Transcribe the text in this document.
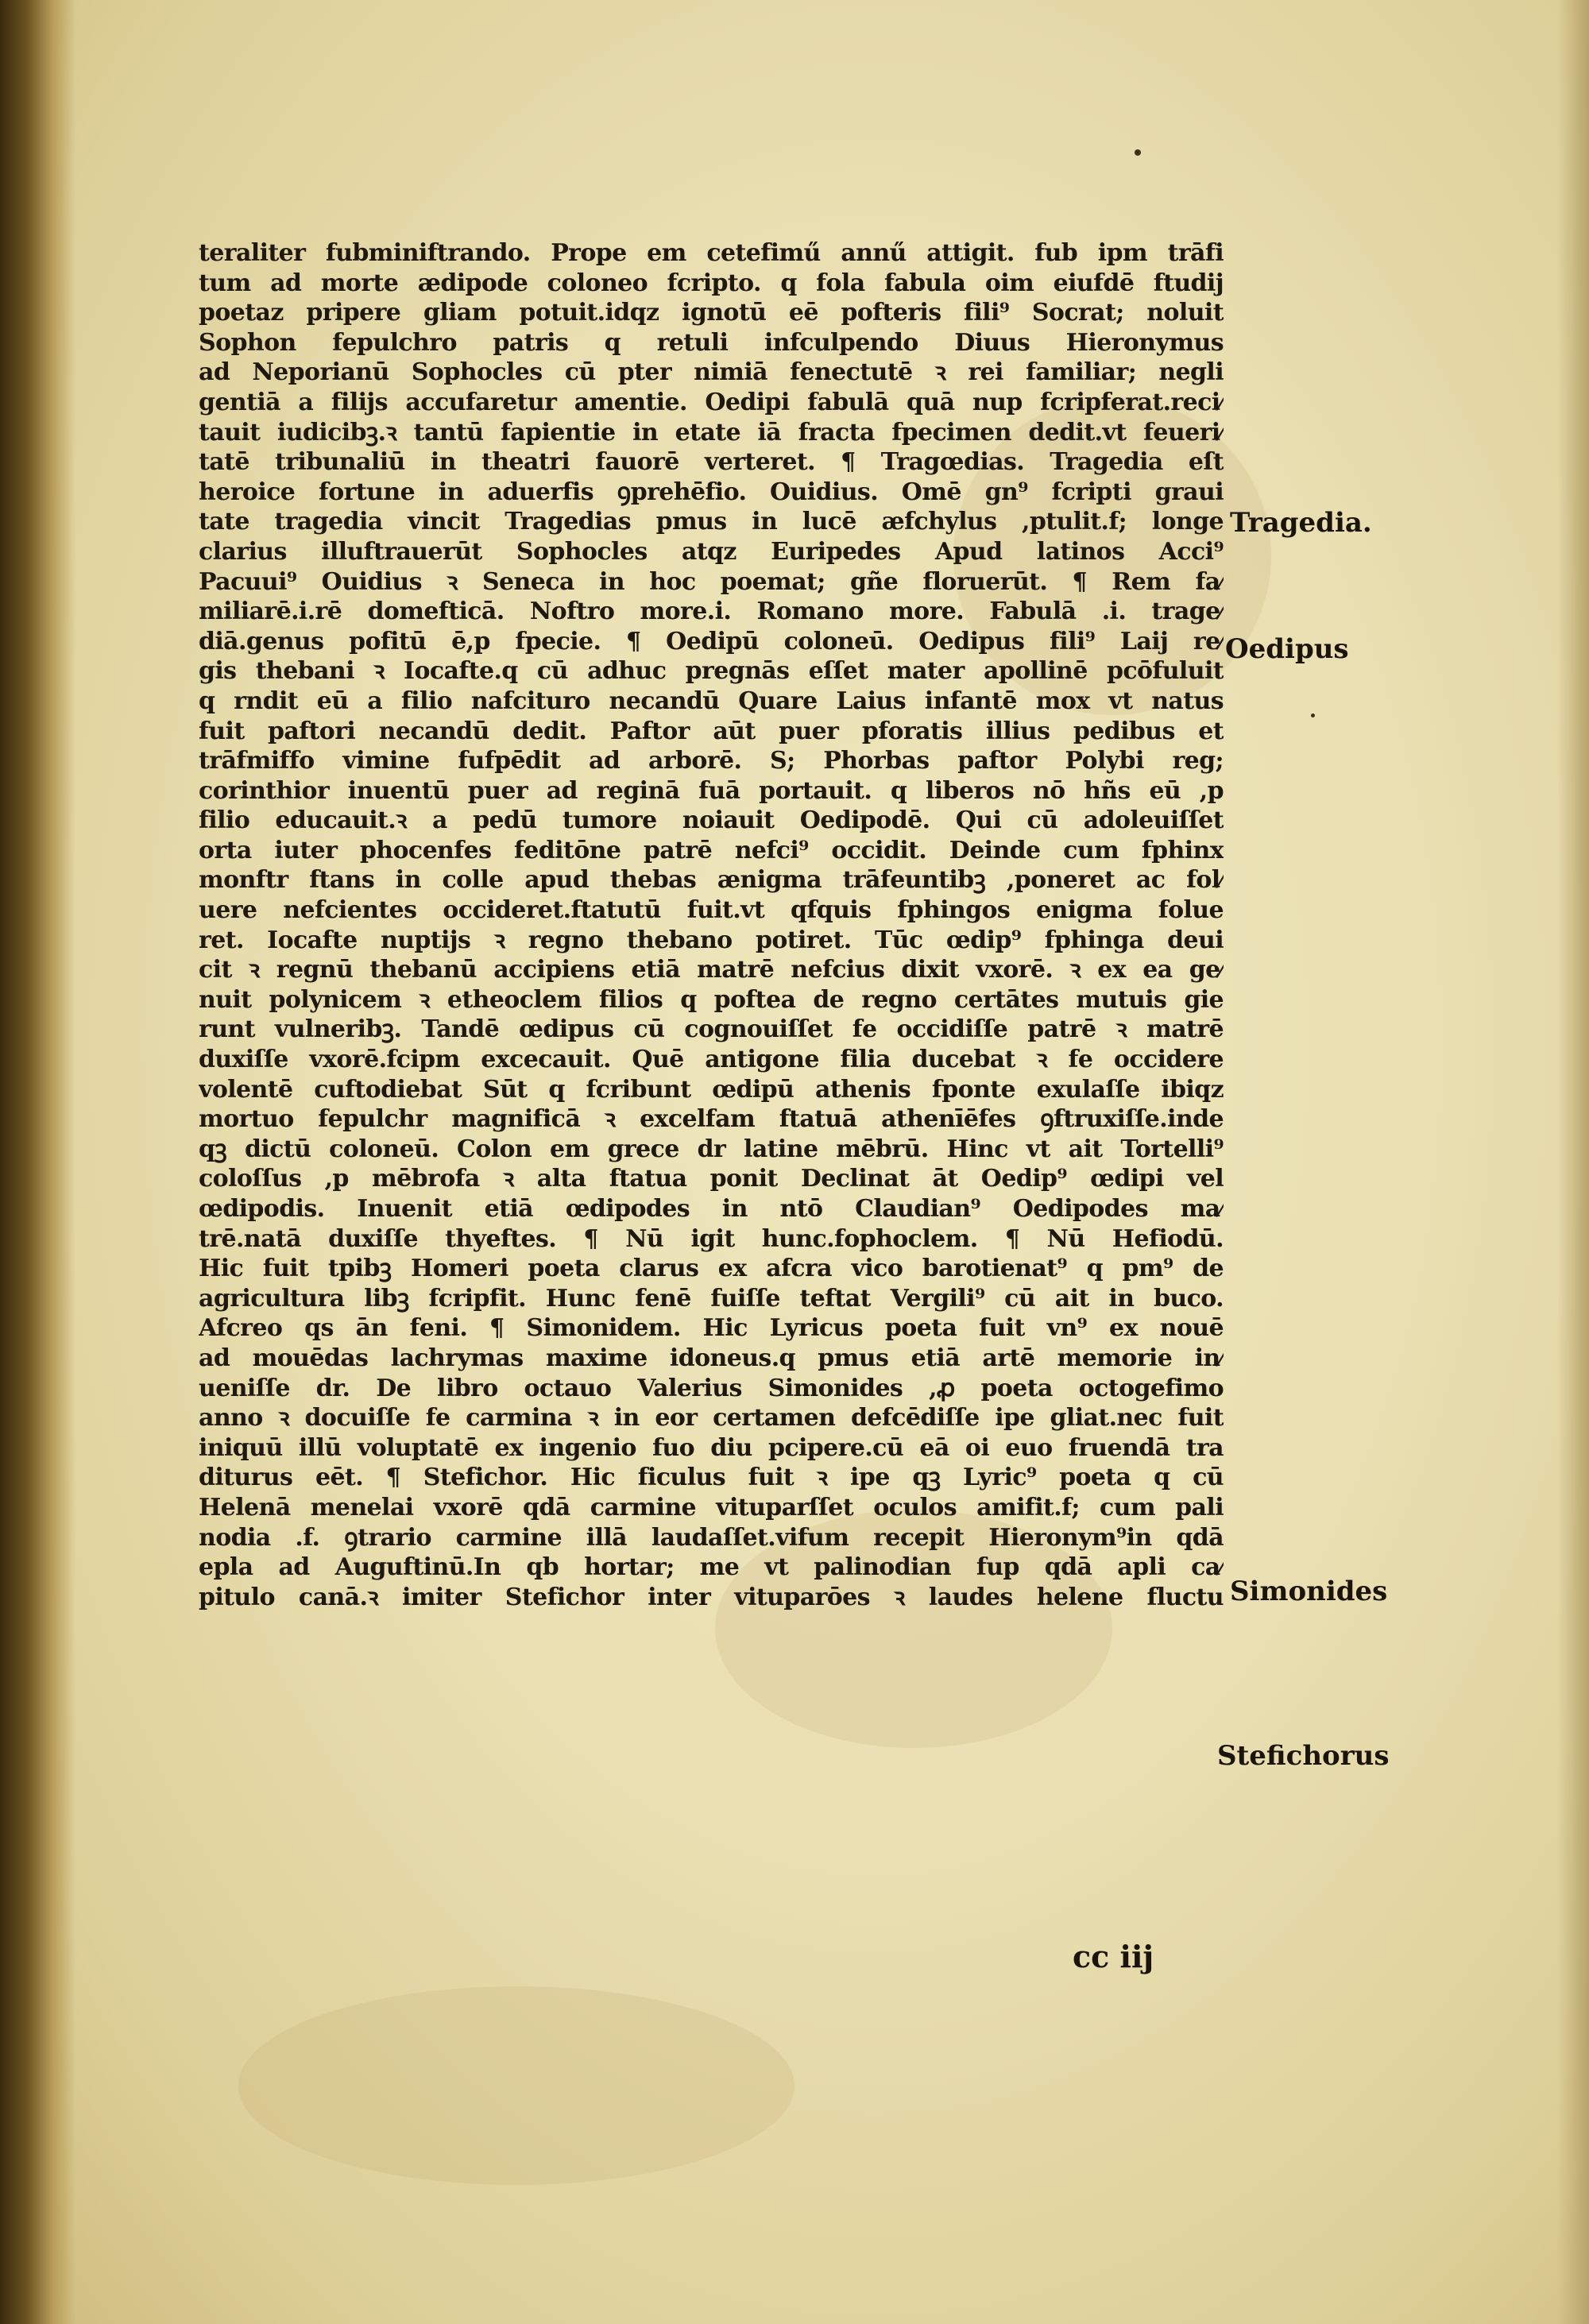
teraliter fubminiftrando. Prope em cetefimű annű attigit. fub ipm trāfi
tum ad morte ædipode coloneo fcripto. q fola fabula oim eiufdē ftudij
poetaz pripere gliam potuit.idqz ignotū eē pofteris fili⁹ Socrat; noluit
Sophon fepulchro patris q retuli infculpendo Diuus Hieronymus
ad Neporianū Sophocles cū pter nimiā fenectutē ꝛ rei familiar; negli
gentiā a filijs accufaretur amentie. Oedipi fabulā quā nup fcripferat.reci⁄
tauit iudicibꝫ.ꝛ tantū fapientie in etate iā fracta fpecimen dedit.vt feueri⁄
tatē tribunaliū in theatri fauorē verteret. ¶ Tragœdias. Tragedia eſt
heroice fortune in aduerfis ꝯprehēfio. Ouidius. Omē gn⁹ fcripti graui
tate tragedia vincit Tragedias pmus in lucē æfchylus ,ptulit.f; longe
clarius illuftrauerūt Sophocles atqz Euripedes Apud latinos Acci⁹
Pacuui⁹ Ouidius ꝛ Seneca in hoc poemat; gñe floruerūt. ¶ Rem fa⁄
miliarē.i.rē domefticā. Noftro more.i. Romano more. Fabulā .i. trage⁄
diā.genus pofitū ē,p fpecie. ¶ Oedipū coloneū. Oedipus fili⁹ Laij re⁄
gis thebani ꝛ Iocafte.q cū adhuc pregnās eſſet mater apollinē pcōfuluit
q rndit eū a filio nafcituro necandū Quare Laius infantē mox vt natus
fuit paftori necandū dedit. Paftor aūt puer pforatis illius pedibus et
trāfmiffo vimine fufpēdit ad arborē. S; Phorbas paftor Polybi reg;
corinthior inuentū puer ad reginā fuā portauit. q liberos nō hñs eū ,p
filio educauit.ꝛ a pedū tumore noiauit Oedipodē. Qui cū adoleuiſſet
orta iuter phocenfes feditōne patrē nefci⁹ occidit. Deinde cum fphinx
monftr ftans in colle apud thebas ænigma trāfeuntibꝫ ,poneret ac fol⁄
uere nefcientes occideret.ftatutū fuit.vt qfquis fphingos enigma folue
ret. Iocafte nuptijs ꝛ regno thebano potiret. Tūc œdip⁹ fphinga deui
cit ꝛ regnū thebanū accipiens etiā matrē nefcius dixit vxorē. ꝛ ex ea ge⁄
nuit polynicem ꝛ etheoclem filios q poftea de regno certātes mutuis gie
runt vulneribꝫ. Tandē œdipus cū cognouiſſet fe occidiſſe patrē ꝛ matrē
duxiſſe vxorē.fcipm excecauit. Quē antigone filia ducebat ꝛ fe occidere
volentē cuftodiebat Sūt q fcribunt œdipū athenis fponte exulaſſe ibiqz
mortuo fepulchr magnificā ꝛ excelfam ftatuā athenīēfes ꝯftruxiſſe.inde
qꝫ dictū coloneū. Colon em grece dr latine mēbrū. Hinc vt ait Tortelli⁹
coloſſus ,p mēbrofa ꝛ alta ftatua ponit Declinat āt Oedip⁹ œdipi vel
œdipodis. Inuenit etiā œdipodes in ntō Claudian⁹ Oedipodes ma⁄
trē.natā duxiſſe thyeftes. ¶ Nū igit hunc.fophoclem. ¶ Nū Hefiodū.
Hic fuit tpibꝫ Homeri poeta clarus ex afcra vico barotienat⁹ q pm⁹ de
agricultura libꝫ fcripfit. Hunc fenē fuiſſe teftat Vergili⁹ cū ait in buco.
Afcreo qs ān feni. ¶ Simonidem. Hic Lyricus poeta fuit vn⁹ ex nouē
ad mouēdas lachrymas maxime idoneus.q pmus etiā artē memorie in⁄
ueniſſe dr. De libro octauo Valerius Simonides ,ꝓ poeta octogefimo
anno ꝛ docuiſſe fe carmina ꝛ in eor certamen defcēdiſſe ipe gliat.nec fuit
iniquū illū voluptatē ex ingenio fuo diu pcipere.cū eā oi euo fruendā tra
diturus eēt. ¶ Stefichor. Hic ficulus fuit ꝛ ipe qꝫ Lyric⁹ poeta q cū
Helenā menelai vxorē qdā carmine vituparſſet oculos amifit.f; cum pali
nodia .f. ꝯtrario carmine illā laudaſſet.vifum recepit Hieronym⁹in qdā
epla ad Auguftinū.In qb hortar; me vt palinodian fup qdā apli ca⁄
pitulo canā.ꝛ imiter Stefichor inter vituparōes ꝛ laudes helene fluctu
Tragedia.
Oedipus
Simonides
Stefichorus
cc iij
